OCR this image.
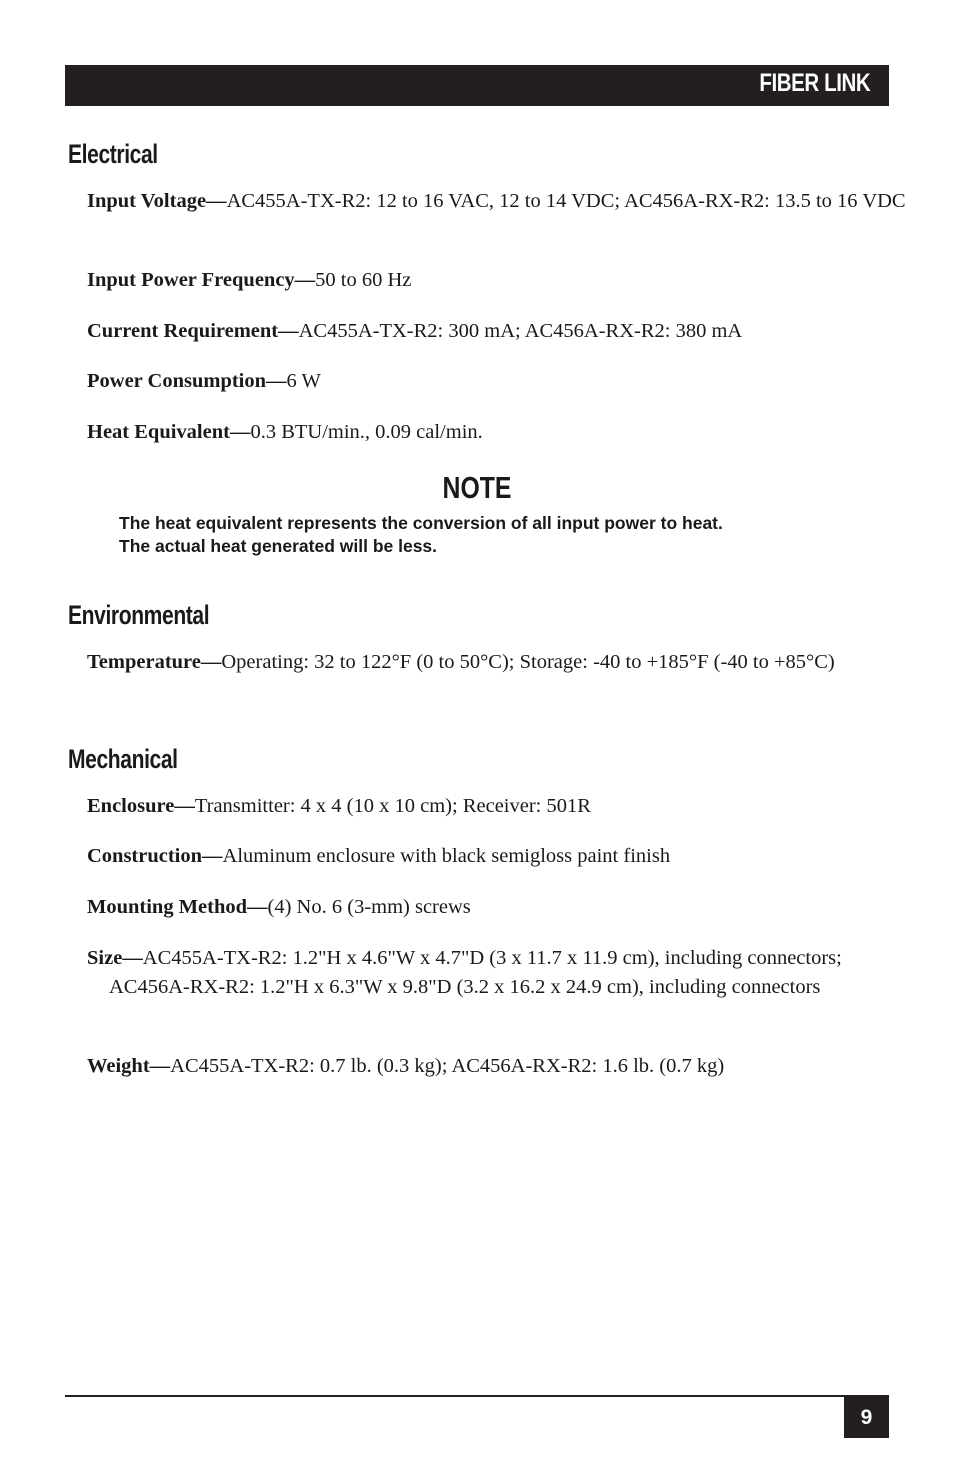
FIBER LINK
Electrical

Input Voltage—AC455A-TX-R2: 12 to 16 VAC, 12 to 14 VDC; AC456A-RX-R2: 13.5 to 16 VDC

Input Power Frequency—50 to 60 Hz

Current Requirement—AC455A-TX-R2: 300 mA; AC456A-RX-R2: 380 mA

Power Consumption—6 W

Heat Equivalent—0.3 BTU/min., 0.09 cal/min.

NOTE

The heat equivalent represents the conversion of all input power to heat.
The actual heat generated will be less.

Environmental

Temperature—Operating: 32 to 122°F (0 to 50°C); Storage: -40 to +185°F (-40 to +85°C)

Mechanical

Enclosure—Transmitter: 4 x 4 (10 x 10 cm); Receiver: 501R

Construction—Aluminum enclosure with black semigloss paint finish

Mounting Method—(4) No. 6 (3-mm) screws

Size—AC455A-TX-R2: 1.2"H x 4.6"W x 4.7"D (3 x 11.7 x 11.9 cm), including connectors; AC456A-RX-R2: 1.2"H x 6.3"W x 9.8"D (3.2 x 16.2 x 24.9 cm), including connectors

Weight—AC455A-TX-R2: 0.7 lb. (0.3 kg); AC456A-RX-R2: 1.6 lb. (0.7 kg)

9
